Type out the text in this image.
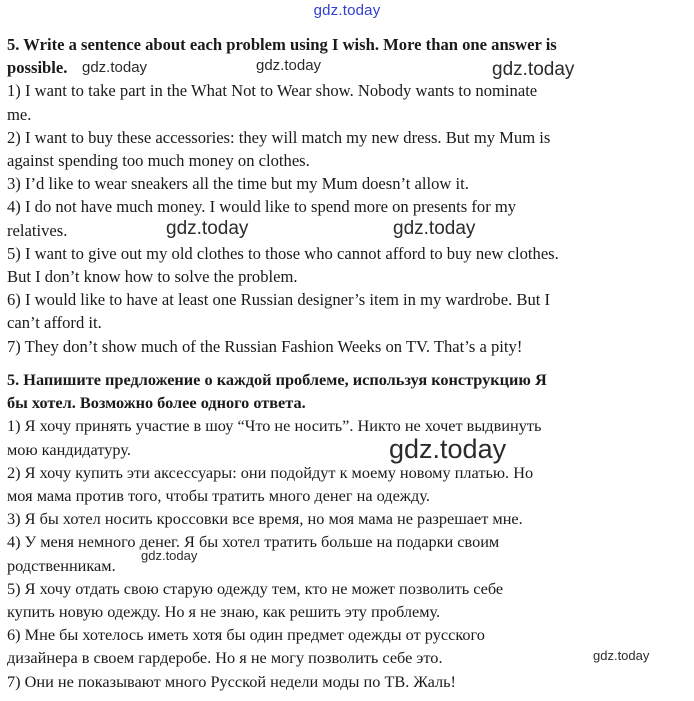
gdz.today
5. Write a sentence about each problem using I wish. More than one answer is
possible.
1) I want to take part in the What Not to Wear show. Nobody wants to nominate
me.
2) I want to buy these accessories: they will match my new dress. But my Mum is
against spending too much money on clothes.
3) I’d like to wear sneakers all the time but my Mum doesn’t allow it.
4) I do not have much money. I would like to spend more on presents for my
relatives.
5) I want to give out my old clothes to those who cannot afford to buy new clothes.
But I don’t know how to solve the problem.
6) I would like to have at least one Russian designer’s item in my wardrobe. But I
can’t afford it.
7) They don’t show much of the Russian Fashion Weeks on TV. That’s a pity!
5. Напишите предложение о каждой проблеме, используя конструкцию Я
бы хотел. Возможно более одного ответа.
1) Я хочу принять участие в шоу “Что не носить”. Никто не хочет выдвинуть
мою кандидатуру.
2) Я хочу купить эти аксессуары: они подойдут к моему новому платью. Но
моя мама против того, чтобы тратить много денег на одежду.
3) Я бы хотел носить кроссовки все время, но моя мама не разрешает мне.
4) У меня немного денег. Я бы хотел тратить больше на подарки своим
родственникам.
5) Я хочу отдать свою старую одежду тем, кто не может позволить себе
купить новую одежду. Но я не знаю, как решить эту проблему.
6) Мне бы хотелось иметь хотя бы один предмет одежды от русского
дизайнера в своем гардеробе. Но я не могу позволить себе это.
7) Они не показывают много Русской недели моды по ТВ. Жаль!
gdz.today	gdz.today	gdz.today
gdz.today	gdz.today
gdz.today
gdz.today
gdz.today
